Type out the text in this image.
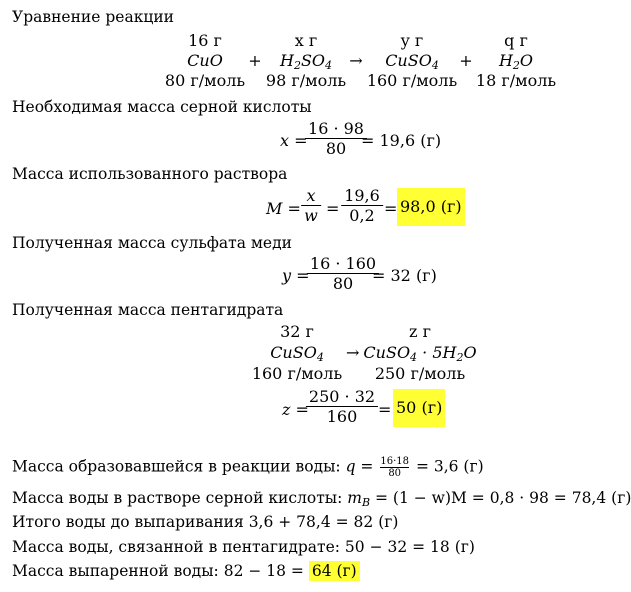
Уравнение реакции
16 г
CuO
80 г/моль
+
x г
$H_2SO_4$
98 г/моль
→
y г
CuSO$_4$
160 г/моль
+
q г
$H_2O$
18 г/моль
Необходимая масса серной кислоты
x =
$\frac{16 \cdot 98}{80}$
= 19,6 (г)
Масса использованного раствора
$M = \frac{x}{w} = \frac{19,6}{0,2} = 98,0$ (г)
Полученная масса сульфата меди
y =
$\frac{16 \cdot 160}{80}$
= 32 (г)
Полученная масса пентагидрата
32 г
CuSO$_4$
160 г/моль
→
z г
CuSO$_4$ · $5H_2O$
250 г/моль
z =
$\frac{250 \cdot 32}{160} = 50$ (г)
Масса образовавшейся в реакции воды: $q = \frac{16\cdot 18}{80} = 3,6$ (г)
Масса воды в растворе серной кислоты: $m_B = (1 - w)M = 0,8 \cdot 98 = 78,4$ (г)
Итого воды до выпаривания 3,6 + 78,4 = 82 (г)
Масса воды, связанной в пентагидрате: 50 − 32 = 18 (г)
Масса выпаренной воды: 82 − 18 = 64 (г)
